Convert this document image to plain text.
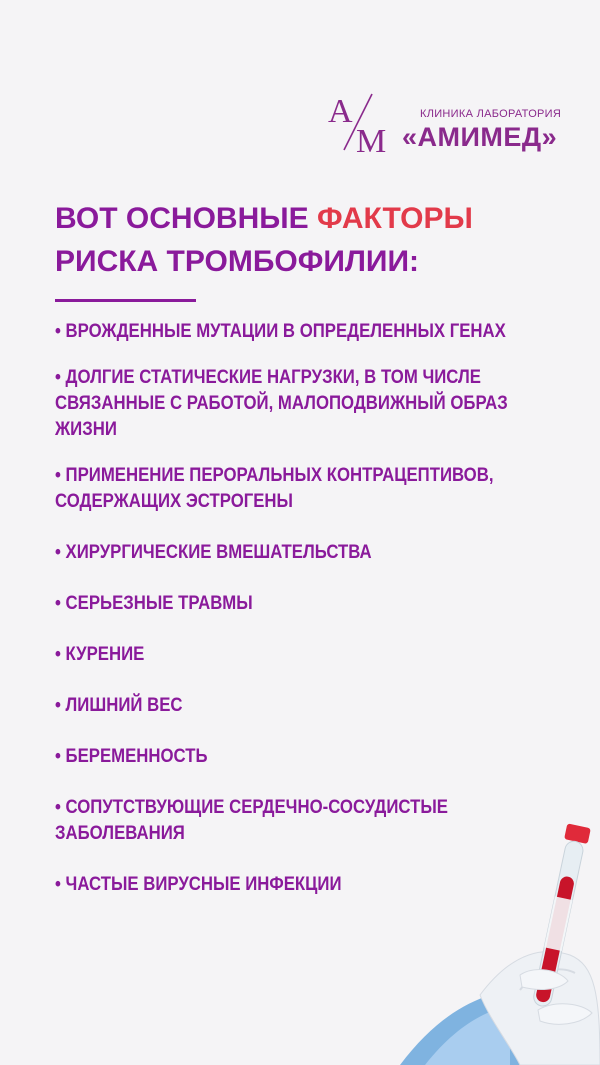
А
М
КЛИНИКА ЛАБОРАТОРИЯ
«АМИМЕД»
ВОТ ОСНОВНЫЕ ФАКТОРЫ
РИСКА ТРОМБОФИЛИИ:
• ВРОЖДЕННЫЕ МУТАЦИИ В ОПРЕДЕЛЕННЫХ ГЕНАХ
• ДОЛГИЕ СТАТИЧЕСКИЕ НАГРУЗКИ, В ТОМ ЧИСЛЕ СВЯЗАННЫЕ С РАБОТОЙ, МАЛОПОДВИЖНЫЙ ОБРАЗ ЖИЗНИ
• ПРИМЕНЕНИЕ ПЕРОРАЛЬНЫХ КОНТРАЦЕПТИВОВ, СОДЕРЖАЩИХ ЭСТРОГЕНЫ
• ХИРУРГИЧЕСКИЕ ВМЕШАТЕЛЬСТВА
• СЕРЬЕЗНЫЕ ТРАВМЫ
• КУРЕНИЕ
• ЛИШНИЙ ВЕС
• БЕРЕМЕННОСТЬ
• СОПУТСТВУЮЩИЕ СЕРДЕЧНО-СОСУДИСТЫЕ ЗАБОЛЕВАНИЯ
• ЧАСТЫЕ ВИРУСНЫЕ ИНФЕКЦИИ
